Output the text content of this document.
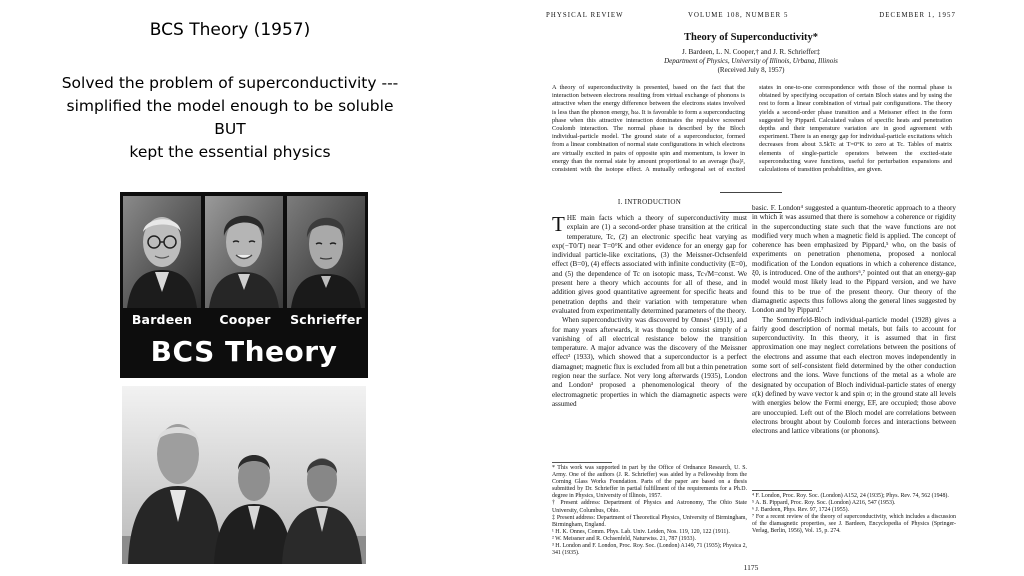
BCS Theory (1957)
Solved the problem of superconductivity ---
simplified the model enough to be soluble
BUT
kept the essential physics
Bardeen	Cooper	Schrieffer
BCS Theory
PHYSICAL REVIEW	VOLUME 108, NUMBER 5	DECEMBER 1, 1957
Theory of Superconductivity*
J. Bardeen, L. N. Cooper,† and J. R. Schrieffer‡
Department of Physics, University of Illinois, Urbana, Illinois
(Received July 8, 1957)
A theory of superconductivity is presented, based on the fact that the interaction between electrons resulting from virtual exchange of phonons is attractive when the energy difference between the electrons states involved is less than the phonon energy, ħω. It is favorable to form a superconducting phase when this attractive interaction dominates the repulsive screened Coulomb interaction. The normal phase is described by the Bloch individual-particle model. The ground state of a superconductor, formed from a linear combination of normal state configurations in which electrons are virtually excited in pairs of opposite spin and momentum, is lower in energy than the normal state by amount proportional to an average (ħω)², consistent with the isotope effect. A mutually orthogonal set of excited states in one-to-one correspondence with those of the normal phase is obtained by specifying occupation of certain Bloch states and by using the rest to form a linear combination of virtual pair configurations. The theory yields a second-order phase transition and a Meissner effect in the form suggested by Pippard. Calculated values of specific heats and penetration depths and their temperature variation are in good agreement with experiment. There is an energy gap for individual-particle excitations which decreases from about 3.5kTc at T=0°K to zero at Tc. Tables of matrix elements of single-particle operators between the excited-state superconducting wave functions, useful for perturbation expansions and calculations of transition probabilities, are given.
I. INTRODUCTION

THE main facts which a theory of superconductivity must explain are (1) a second-order phase transition at the critical temperature, Tc, (2) an electronic specific heat varying as exp(−T0/T) near T=0°K and other evidence for an energy gap for individual particle-like excitations, (3) the Meissner-Ochsenfeld effect (B=0), (4) effects associated with infinite conductivity (E=0), and (5) the dependence of Tc on isotopic mass, Tc√M=const. We present here a theory which accounts for all of these, and in addition gives good quantitative agreement for specific heats and penetration depths and their variation with temperature when evaluated from experimentally determined parameters of the theory.

When superconductivity was discovered by Onnes¹ (1911), and for many years afterwards, it was thought to consist simply of a vanishing of all electrical resistance below the transition temperature. A major advance was the discovery of the Meissner effect² (1933), which showed that a superconductor is a perfect diamagnet; magnetic flux is excluded from all but a thin penetration region near the surface. Not very long afterwards (1935), London and London³ proposed a phenomenological theory of the electromagnetic properties in which the diamagnetic aspects were assumed

basic. F. London⁴ suggested a quantum-theoretic approach to a theory in which it was assumed that there is somehow a coherence or rigidity in the superconducting state such that the wave functions are not modified very much when a magnetic field is applied. The concept of coherence has been emphasized by Pippard,⁵ who, on the basis of experiments on penetration phenomena, proposed a nonlocal modification of the London equations in which a coherence distance, ξ0, is introduced. One of the authors⁶,⁷ pointed out that an energy-gap model would most likely lead to the Pippard version, and we have found this to be true of the present theory. Our theory of the diamagnetic aspects thus follows along the general lines suggested by London and by Pippard.⁷

The Sommerfeld-Bloch individual-particle model (1928) gives a fairly good description of normal metals, but fails to account for superconductivity. In this theory, it is assumed that in first approximation one may neglect correlations between the positions of the electrons and assume that each electron moves independently in some sort of self-consistent field determined by the other conduction electrons and the ions. Wave functions of the metal as a whole are designated by occupation of Bloch individual-particle states of energy ε(k) defined by wave vector k and spin σ; in the ground state all levels with energies below the Fermi energy, EF, are occupied; those above are unoccupied. Left out of the Bloch model are correlations between electrons brought about by Coulomb forces and interactions between electrons and lattice vibrations (or phonons).

* This work was supported in part by the Office of Ordnance Research, U. S. Army. One of the authors (J. R. Schrieffer) was aided by a Fellowship from the Corning Glass Works Foundation. Parts of the paper are based on a thesis submitted by Dr. Schrieffer in partial fulfillment of the requirements for a Ph.D. degree in Physics, University of Illinois, 1957.
† Present address: Department of Physics and Astronomy, The Ohio State University, Columbus, Ohio.
‡ Present address: Department of Theoretical Physics, University of Birmingham, Birmingham, England.
¹ H. K. Onnes, Comm. Phys. Lab. Univ. Leiden, Nos. 119, 120, 122 (1911).
² W. Meissner and R. Ochsenfeld, Naturwiss. 21, 787 (1933).
³ H. London and F. London, Proc. Roy. Soc. (London) A149, 71 (1935); Physica 2, 341 (1935).
⁴ F. London, Proc. Roy. Soc. (London) A152, 24 (1935); Phys. Rev. 74, 562 (1948).
⁵ A. B. Pippard, Proc. Roy. Soc. (London) A216, 547 (1953).
⁶ J. Bardeen, Phys. Rev. 97, 1724 (1955).
⁷ For a recent review of the theory of superconductivity, which includes a discussion of the diamagnetic properties, see J. Bardeen, Encyclopedia of Physics (Springer-Verlag, Berlin, 1956), Vol. 15, p. 274.
1175
